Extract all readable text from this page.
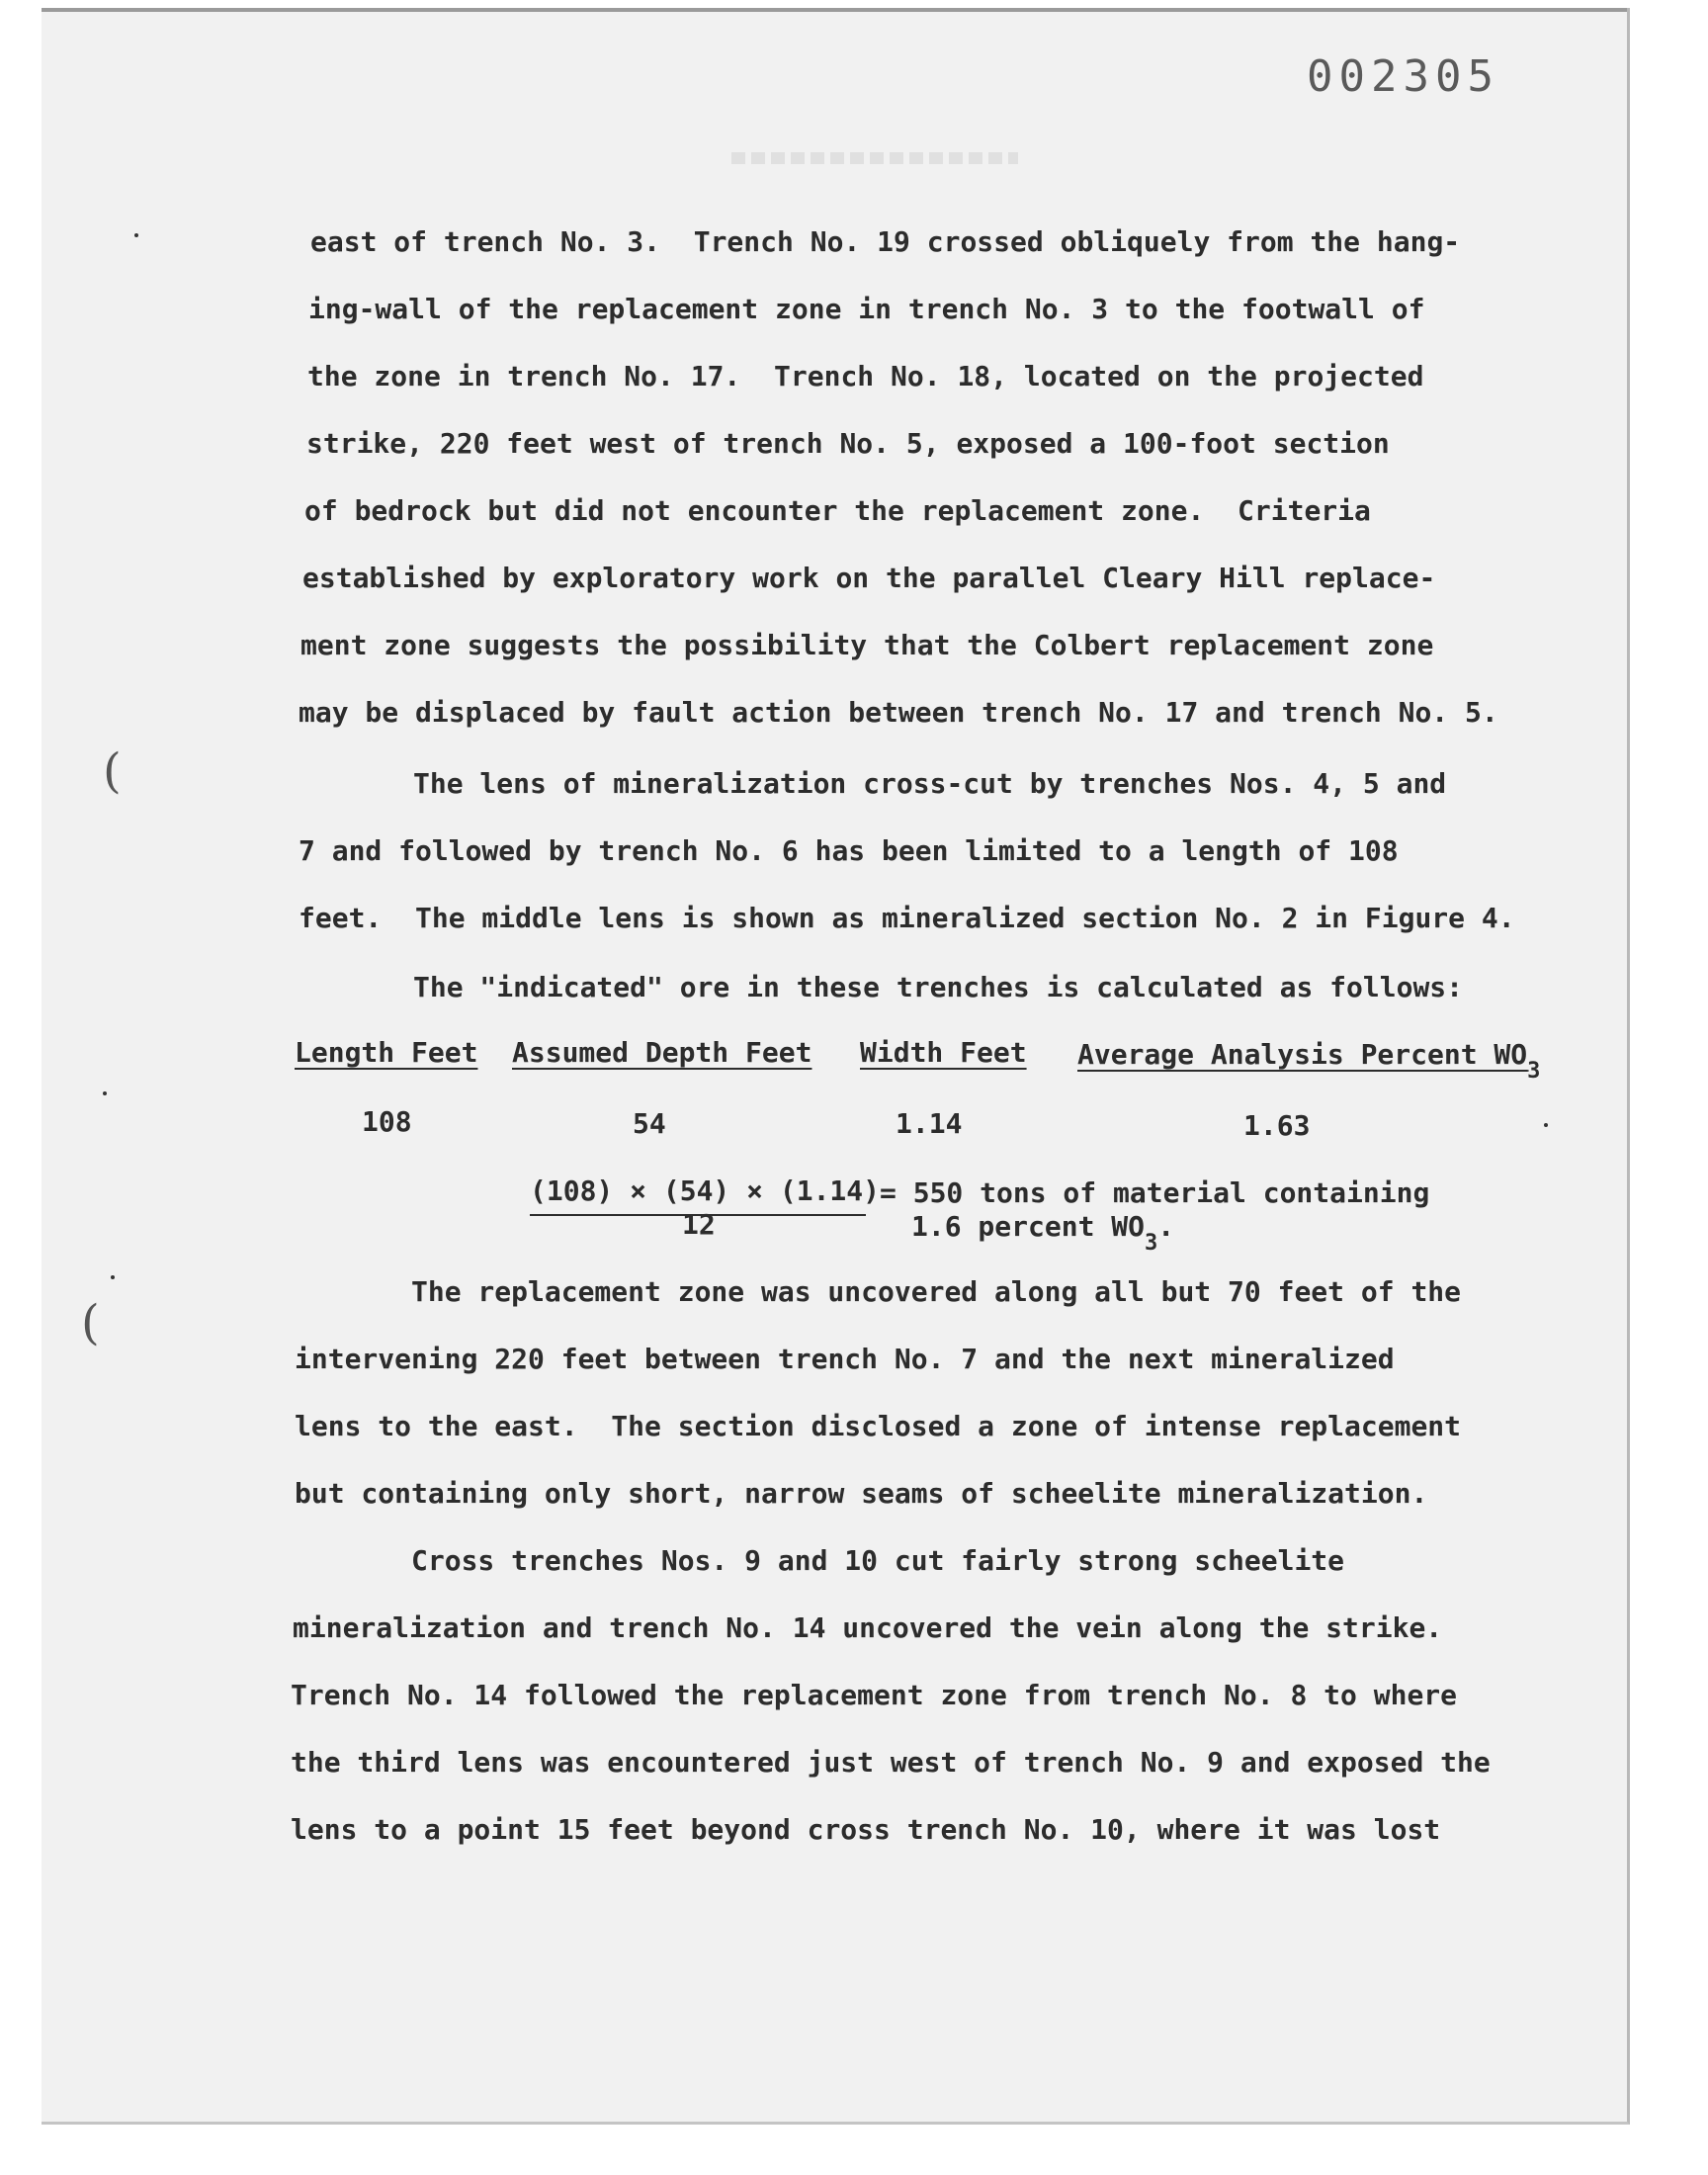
002305
(
(
east of trench No. 3.  Trench No. 19 crossed obliquely from the hang-
ing-wall of the replacement zone in trench No. 3 to the footwall of
the zone in trench No. 17.  Trench No. 18, located on the projected
strike, 220 feet west of trench No. 5, exposed a 100-foot section
of bedrock but did not encounter the replacement zone.  Criteria
established by exploratory work on the parallel Cleary Hill replace-
ment zone suggests the possibility that the Colbert replacement zone
may be displaced by fault action between trench No. 17 and trench No. 5.
The lens of mineralization cross-cut by trenches Nos. 4, 5 and
7 and followed by trench No. 6 has been limited to a length of 108
feet.  The middle lens is shown as mineralized section No. 2 in Figure 4.
The "indicated" ore in these trenches is calculated as follows:
Length Feet Assumed Depth Feet Width Feet Average Analysis Percent $WO_3$
108	54	1.14	1.63
(108) × (54) × (1.14)
12
= 550 tons of material containing
1.6 percent $WO_3$.
The replacement zone was uncovered along all but 70 feet of the
intervening 220 feet between trench No. 7 and the next mineralized
lens to the east.  The section disclosed a zone of intense replacement
but containing only short, narrow seams of scheelite mineralization.
Cross trenches Nos. 9 and 10 cut fairly strong scheelite
mineralization and trench No. 14 uncovered the vein along the strike.
Trench No. 14 followed the replacement zone from trench No. 8 to where
the third lens was encountered just west of trench No. 9 and exposed the
lens to a point 15 feet beyond cross trench No. 10, where it was lost
